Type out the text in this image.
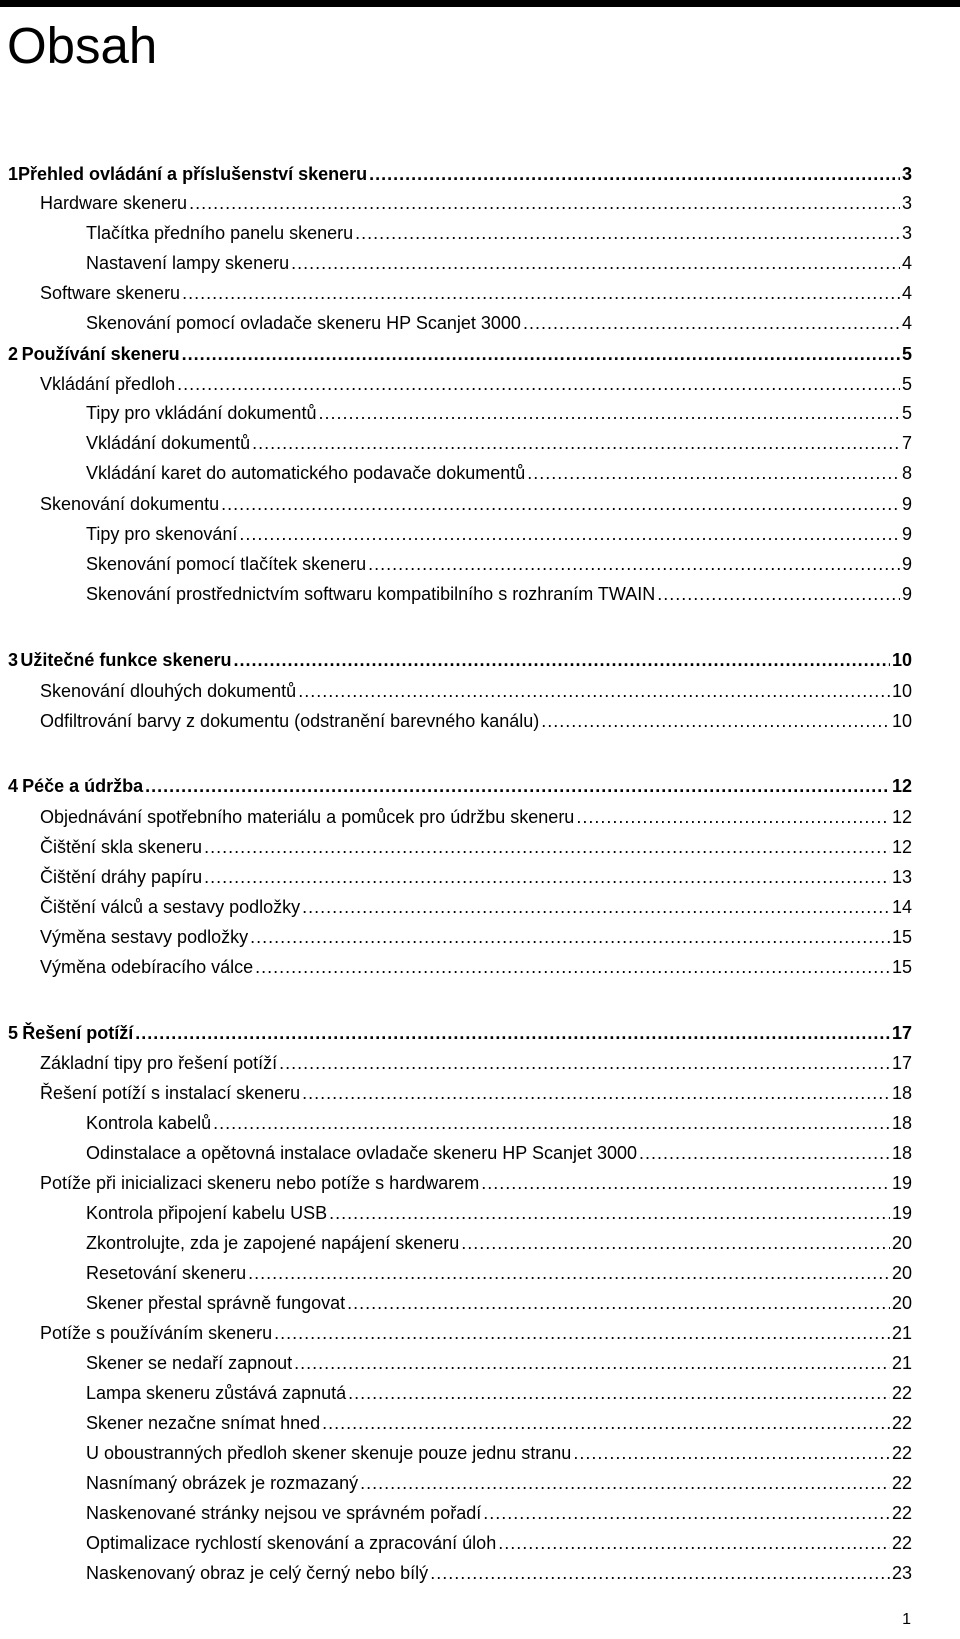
Obsah
1 Přehled ovládání a příslušenství skeneru .....	3
Hardware skeneru .....	3
Tlačítka předního panelu skeneru .....	3
Nastavení lampy skeneru .....	4
Software skeneru .....	4
Skenování pomocí ovladače skeneru HP Scanjet 3000 .....	4
2 Používání skeneru .....	5
Vkládání předloh .....	5
Tipy pro vkládání dokumentů .....	5
Vkládání dokumentů .....	7
Vkládání karet do automatického podavače dokumentů .....	8
Skenování dokumentu .....	9
Tipy pro skenování .....	9
Skenování pomocí tlačítek skeneru .....	9
Skenování prostřednictvím softwaru kompatibilního s rozhraním TWAIN .....	9
3 Užitečné funkce skeneru .....	10
Skenování dlouhých dokumentů .....	10
Odfiltrování barvy z dokumentu (odstranění barevného kanálu) .....	10
4 Péče a údržba .....	12
Objednávání spotřebního materiálu a pomůcek pro údržbu skeneru .....	12
Čištění skla skeneru .....	12
Čištění dráhy papíru .....	13
Čištění válců a sestavy podložky .....	14
Výměna sestavy podložky .....	15
Výměna odebíracího válce .....	15
5 Řešení potíží .....	17
Základní tipy pro řešení potíží .....	17
Řešení potíží s instalací skeneru .....	18
Kontrola kabelů .....	18
Odinstalace a opětovná instalace ovladače skeneru HP Scanjet 3000 .....	18
Potíže při inicializaci skeneru nebo potíže s hardwarem .....	19
Kontrola připojení kabelu USB .....	19
Zkontrolujte, zda je zapojené napájení skeneru .....	20
Resetování skeneru .....	20
Skener přestal správně fungovat .....	20
Potíže s používáním skeneru .....	21
Skener se nedaří zapnout .....	21
Lampa skeneru zůstává zapnutá .....	22
Skener nezačne snímat hned .....	22
U oboustranných předloh skener skenuje pouze jednu stranu .....	22
Nasnímaný obrázek je rozmazaný .....	22
Naskenované stránky nejsou ve správném pořadí .....	22
Optimalizace rychlostí skenování a zpracování úloh .....	22
Naskenovaný obraz je celý černý nebo bílý .....	23
1
